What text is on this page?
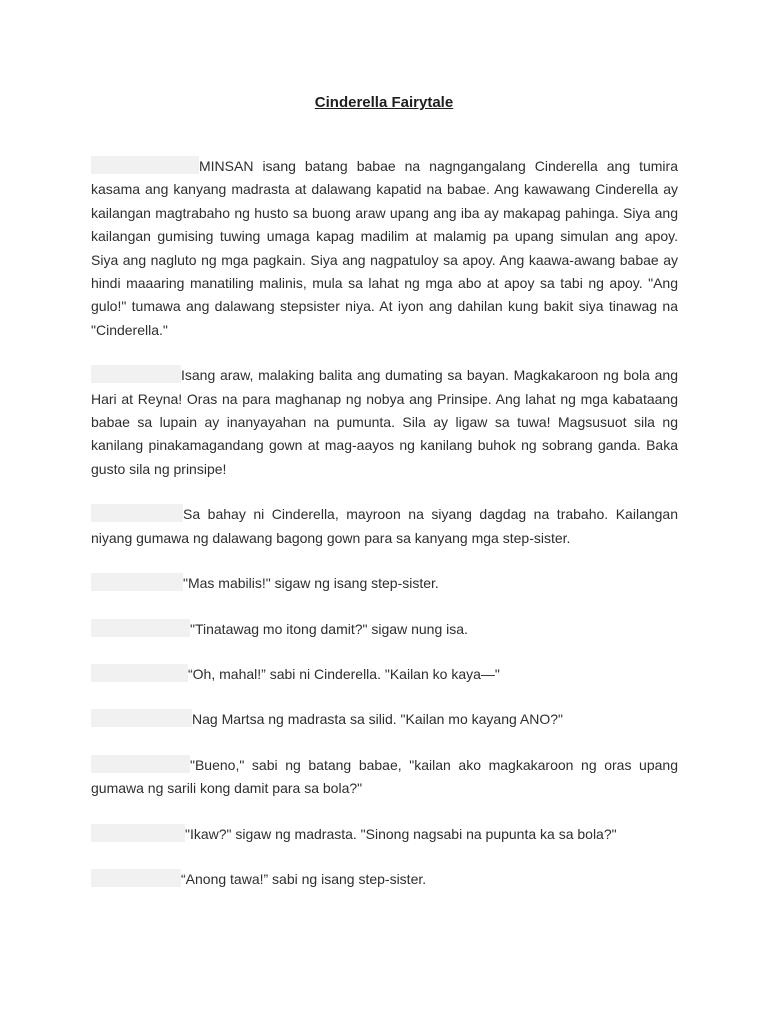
Cinderella Fairytale

MINSAN isang batang babae na nagngangalang Cinderella ang tumira kasama ang kanyang madrasta at dalawang kapatid na babae. Ang kawawang Cinderella ay kailangan magtrabaho ng husto sa buong araw upang ang iba ay makapag pahinga. Siya ang kailangan gumising tuwing umaga kapag madilim at malamig pa upang simulan ang apoy. Siya ang nagluto ng mga pagkain. Siya ang nagpatuloy sa apoy. Ang kaawa-awang babae ay hindi maaaring manatiling malinis, mula sa lahat ng mga abo at apoy sa tabi ng apoy. "Ang gulo!" tumawa ang dalawang stepsister niya. At iyon ang dahilan kung bakit siya tinawag na "Cinderella."

Isang araw, malaking balita ang dumating sa bayan. Magkakaroon ng bola ang Hari at Reyna! Oras na para maghanap ng nobya ang Prinsipe. Ang lahat ng mga kabataang babae sa lupain ay inanyayahan na pumunta. Sila ay ligaw sa tuwa! Magsusuot sila ng kanilang pinakamagandang gown at mag-aayos ng kanilang buhok ng sobrang ganda. Baka gusto sila ng prinsipe!

Sa bahay ni Cinderella, mayroon na siyang dagdag na trabaho. Kailangan niyang gumawa ng dalawang bagong gown para sa kanyang mga step-sister.

"Mas mabilis!" sigaw ng isang step-sister.

"Tinatawag mo itong damit?" sigaw nung isa.

“Oh, mahal!” sabi ni Cinderella. "Kailan ko kaya—"

Nag Martsa ng madrasta sa silid. "Kailan mo kayang ANO?"

"Bueno," sabi ng batang babae, "kailan ako magkakaroon ng oras upang gumawa ng sarili kong damit para sa bola?"

"Ikaw?" sigaw ng madrasta. "Sinong nagsabi na pupunta ka sa bola?"

“Anong tawa!” sabi ng isang step-sister.
